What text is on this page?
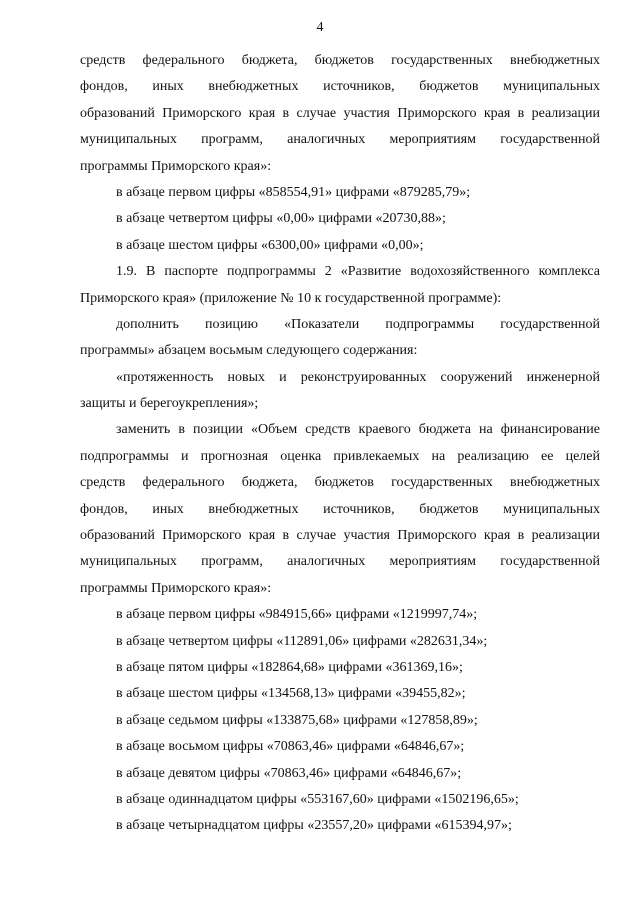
4
средств федерального бюджета, бюджетов государственных внебюджетных
фондов, иных внебюджетных источников, бюджетов муниципальных
образований Приморского края в случае участия Приморского края в реализации
муниципальных программ, аналогичных мероприятиям государственной
программы Приморского края»:
в абзаце первом цифры «858554,91» цифрами «879285,79»;
в абзаце четвертом цифры «0,00» цифрами «20730,88»;
в абзаце шестом цифры «6300,00» цифрами «0,00»;
1.9. В паспорте подпрограммы 2 «Развитие водохозяйственного комплекса
Приморского края» (приложение № 10 к государственной программе):
дополнить позицию «Показатели подпрограммы государственной
программы» абзацем восьмым следующего содержания:
«протяженность новых и реконструированных сооружений инженерной
защиты и берегоукрепления»;
заменить в позиции «Объем средств краевого бюджета на финансирование
подпрограммы и прогнозная оценка привлекаемых на реализацию ее целей
средств федерального бюджета, бюджетов государственных внебюджетных
фондов, иных внебюджетных источников, бюджетов муниципальных
образований Приморского края в случае участия Приморского края в реализации
муниципальных программ, аналогичных мероприятиям государственной
программы Приморского края»:
в абзаце первом цифры «984915,66» цифрами «1219997,74»;
в абзаце четвертом цифры «112891,06» цифрами «282631,34»;
в абзаце пятом цифры «182864,68» цифрами «361369,16»;
в абзаце шестом цифры «134568,13» цифрами «39455,82»;
в абзаце седьмом цифры «133875,68» цифрами «127858,89»;
в абзаце восьмом цифры «70863,46» цифрами «64846,67»;
в абзаце девятом цифры «70863,46» цифрами «64846,67»;
в абзаце одиннадцатом цифры «553167,60» цифрами «1502196,65»;
в абзаце четырнадцатом цифры «23557,20» цифрами «615394,97»;
